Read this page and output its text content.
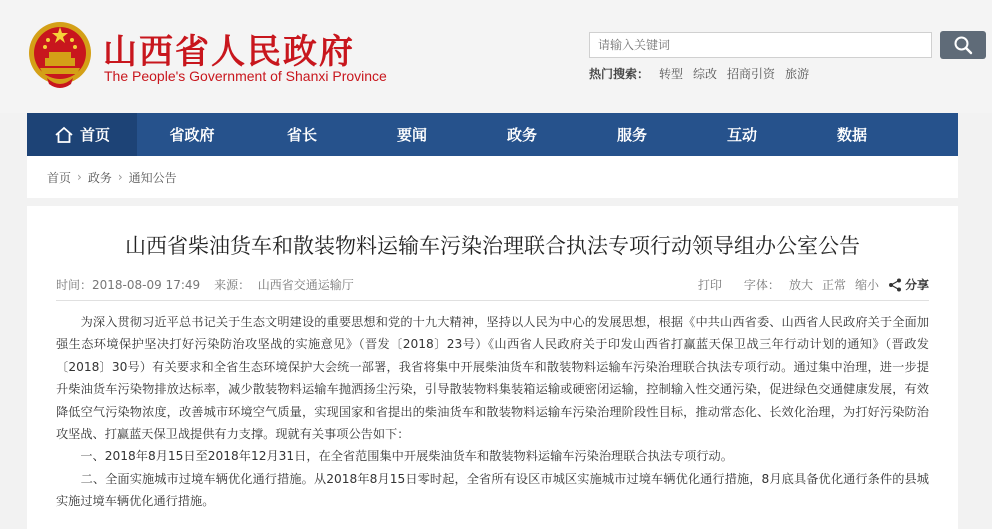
山西省人民政府
The People's Government of Shanxi Province
请输入关键词	热门搜索： 转型 综改 招商引资 旅游
首页	省政府	省长	要闻	政务	服务	互动	数据
首页 › 政务 › 通知公告
山西省柴油货车和散装物料运输车污染治理联合执法专项行动领导组办公室公告
时间：2018-08-09 17:49 来源： 山西省交通运输厅	打印 字体： 放大 正常 缩小 分享

　　为深入贯彻习近平总书记关于生态文明建设的重要思想和党的十九大精神，坚持以人民为中心的发展思想，根据《中共山西省委、山西省人民政府关于全面加强生态环境保护坚决打好污染防治攻坚战的实施意见》（晋发〔2018〕23号）《山西省人民政府关于印发山西省打赢蓝天保卫战三年行动计划的通知》（晋政发〔2018〕30号）有关要求和全省生态环境保护大会统一部署，我省将集中开展柴油货车和散装物料运输车污染治理联合执法专项行动。通过集中治理，进一步提升柴油货车污染物排放达标率，减少散装物料运输车抛洒扬尘污染，引导散装物料集装箱运输或硬密闭运输，控制输入性交通污染，促进绿色交通健康发展，有效降低空气污染物浓度，改善城市环境空气质量，实现国家和省提出的柴油货车和散装物料运输车污染治理阶段性目标，推动常态化、长效化治理，为打好污染防治攻坚战、打赢蓝天保卫战提供有力支撑。现就有关事项公告如下：

　　一、2018年8月15日至2018年12月31日，在全省范围集中开展柴油货车和散装物料运输车污染治理联合执法专项行动。

　　二、全面实施城市过境车辆优化通行措施。从2018年8月15日零时起，全省所有设区市城区实施城市过境车辆优化通行措施，8月底具备优化通行条件的县城实施过境车辆优化通行措施。
